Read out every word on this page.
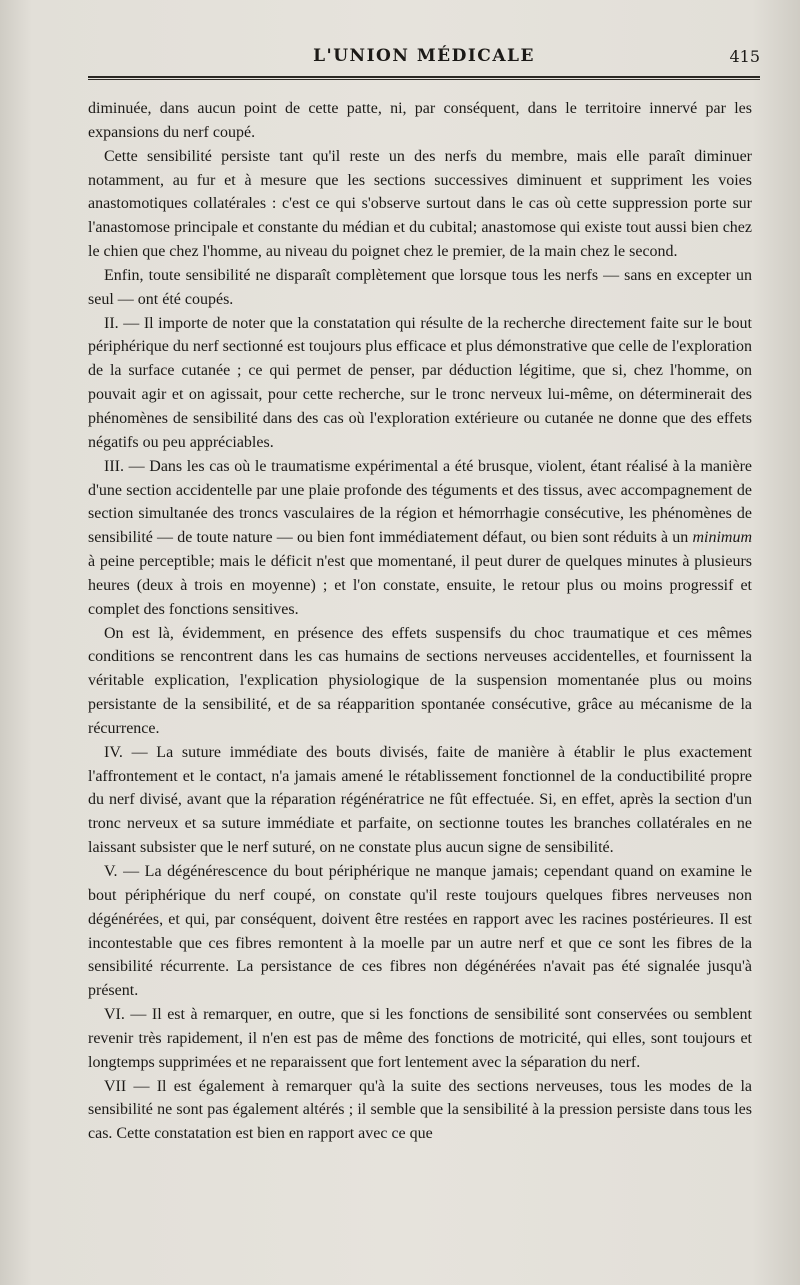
L'UNION MÉDICALE	415

diminuée, dans aucun point de cette patte, ni, par conséquent, dans le territoire innervé par les expansions du nerf coupé.

Cette sensibilité persiste tant qu'il reste un des nerfs du membre, mais elle paraît diminuer notamment, au fur et à mesure que les sections successives diminuent et suppriment les voies anastomotiques collatérales : c'est ce qui s'observe surtout dans le cas où cette suppression porte sur l'anastomose principale et constante du médian et du cubital; anastomose qui existe tout aussi bien chez le chien que chez l'homme, au niveau du poignet chez le premier, de la main chez le second.

Enfin, toute sensibilité ne disparaît complètement que lorsque tous les nerfs — sans en excepter un seul — ont été coupés.

II. — Il importe de noter que la constatation qui résulte de la recherche directement faite sur le bout périphérique du nerf sectionné est toujours plus efficace et plus démonstrative que celle de l'exploration de la surface cutanée ; ce qui permet de penser, par déduction légitime, que si, chez l'homme, on pouvait agir et on agissait, pour cette recherche, sur le tronc nerveux lui-même, on déterminerait des phénomènes de sensibilité dans des cas où l'exploration extérieure ou cutanée ne donne que des effets négatifs ou peu appréciables.

III. — Dans les cas où le traumatisme expérimental a été brusque, violent, étant réalisé à la manière d'une section accidentelle par une plaie profonde des téguments et des tissus, avec accompagnement de section simultanée des troncs vasculaires de la région et hémorrhagie consécutive, les phénomènes de sensibilité — de toute nature — ou bien font immédiatement défaut, ou bien sont réduits à un minimum à peine perceptible; mais le déficit n'est que momentané, il peut durer de quelques minutes à plusieurs heures (deux à trois en moyenne) ; et l'on constate, ensuite, le retour plus ou moins progressif et complet des fonctions sensitives.

On est là, évidemment, en présence des effets suspensifs du choc traumatique et ces mêmes conditions se rencontrent dans les cas humains de sections nerveuses accidentelles, et fournissent la véritable explication, l'explication physiologique de la suspension momentanée plus ou moins persistante de la sensibilité, et de sa réapparition spontanée consécutive, grâce au mécanisme de la récurrence.

IV. — La suture immédiate des bouts divisés, faite de manière à établir le plus exactement l'affrontement et le contact, n'a jamais amené le rétablissement fonctionnel de la conductibilité propre du nerf divisé, avant que la réparation régénératrice ne fût effectuée. Si, en effet, après la section d'un tronc nerveux et sa suture immédiate et parfaite, on sectionne toutes les branches collatérales en ne laissant subsister que le nerf suturé, on ne constate plus aucun signe de sensibilité.

V. — La dégénérescence du bout périphérique ne manque jamais; cependant quand on examine le bout périphérique du nerf coupé, on constate qu'il reste toujours quelques fibres nerveuses non dégénérées, et qui, par conséquent, doivent être restées en rapport avec les racines postérieures. Il est incontestable que ces fibres remontent à la moelle par un autre nerf et que ce sont les fibres de la sensibilité récurrente. La persistance de ces fibres non dégénérées n'avait pas été signalée jusqu'à présent.

VI. — Il est à remarquer, en outre, que si les fonctions de sensibilité sont conservées ou semblent revenir très rapidement, il n'en est pas de même des fonctions de motricité, qui elles, sont toujours et longtemps supprimées et ne reparaissent que fort lentement avec la séparation du nerf.

VII — Il est également à remarquer qu'à la suite des sections nerveuses, tous les modes de la sensibilité ne sont pas également altérés ; il semble que la sensibilité à la pression persiste dans tous les cas. Cette constatation est bien en rapport avec ce que
